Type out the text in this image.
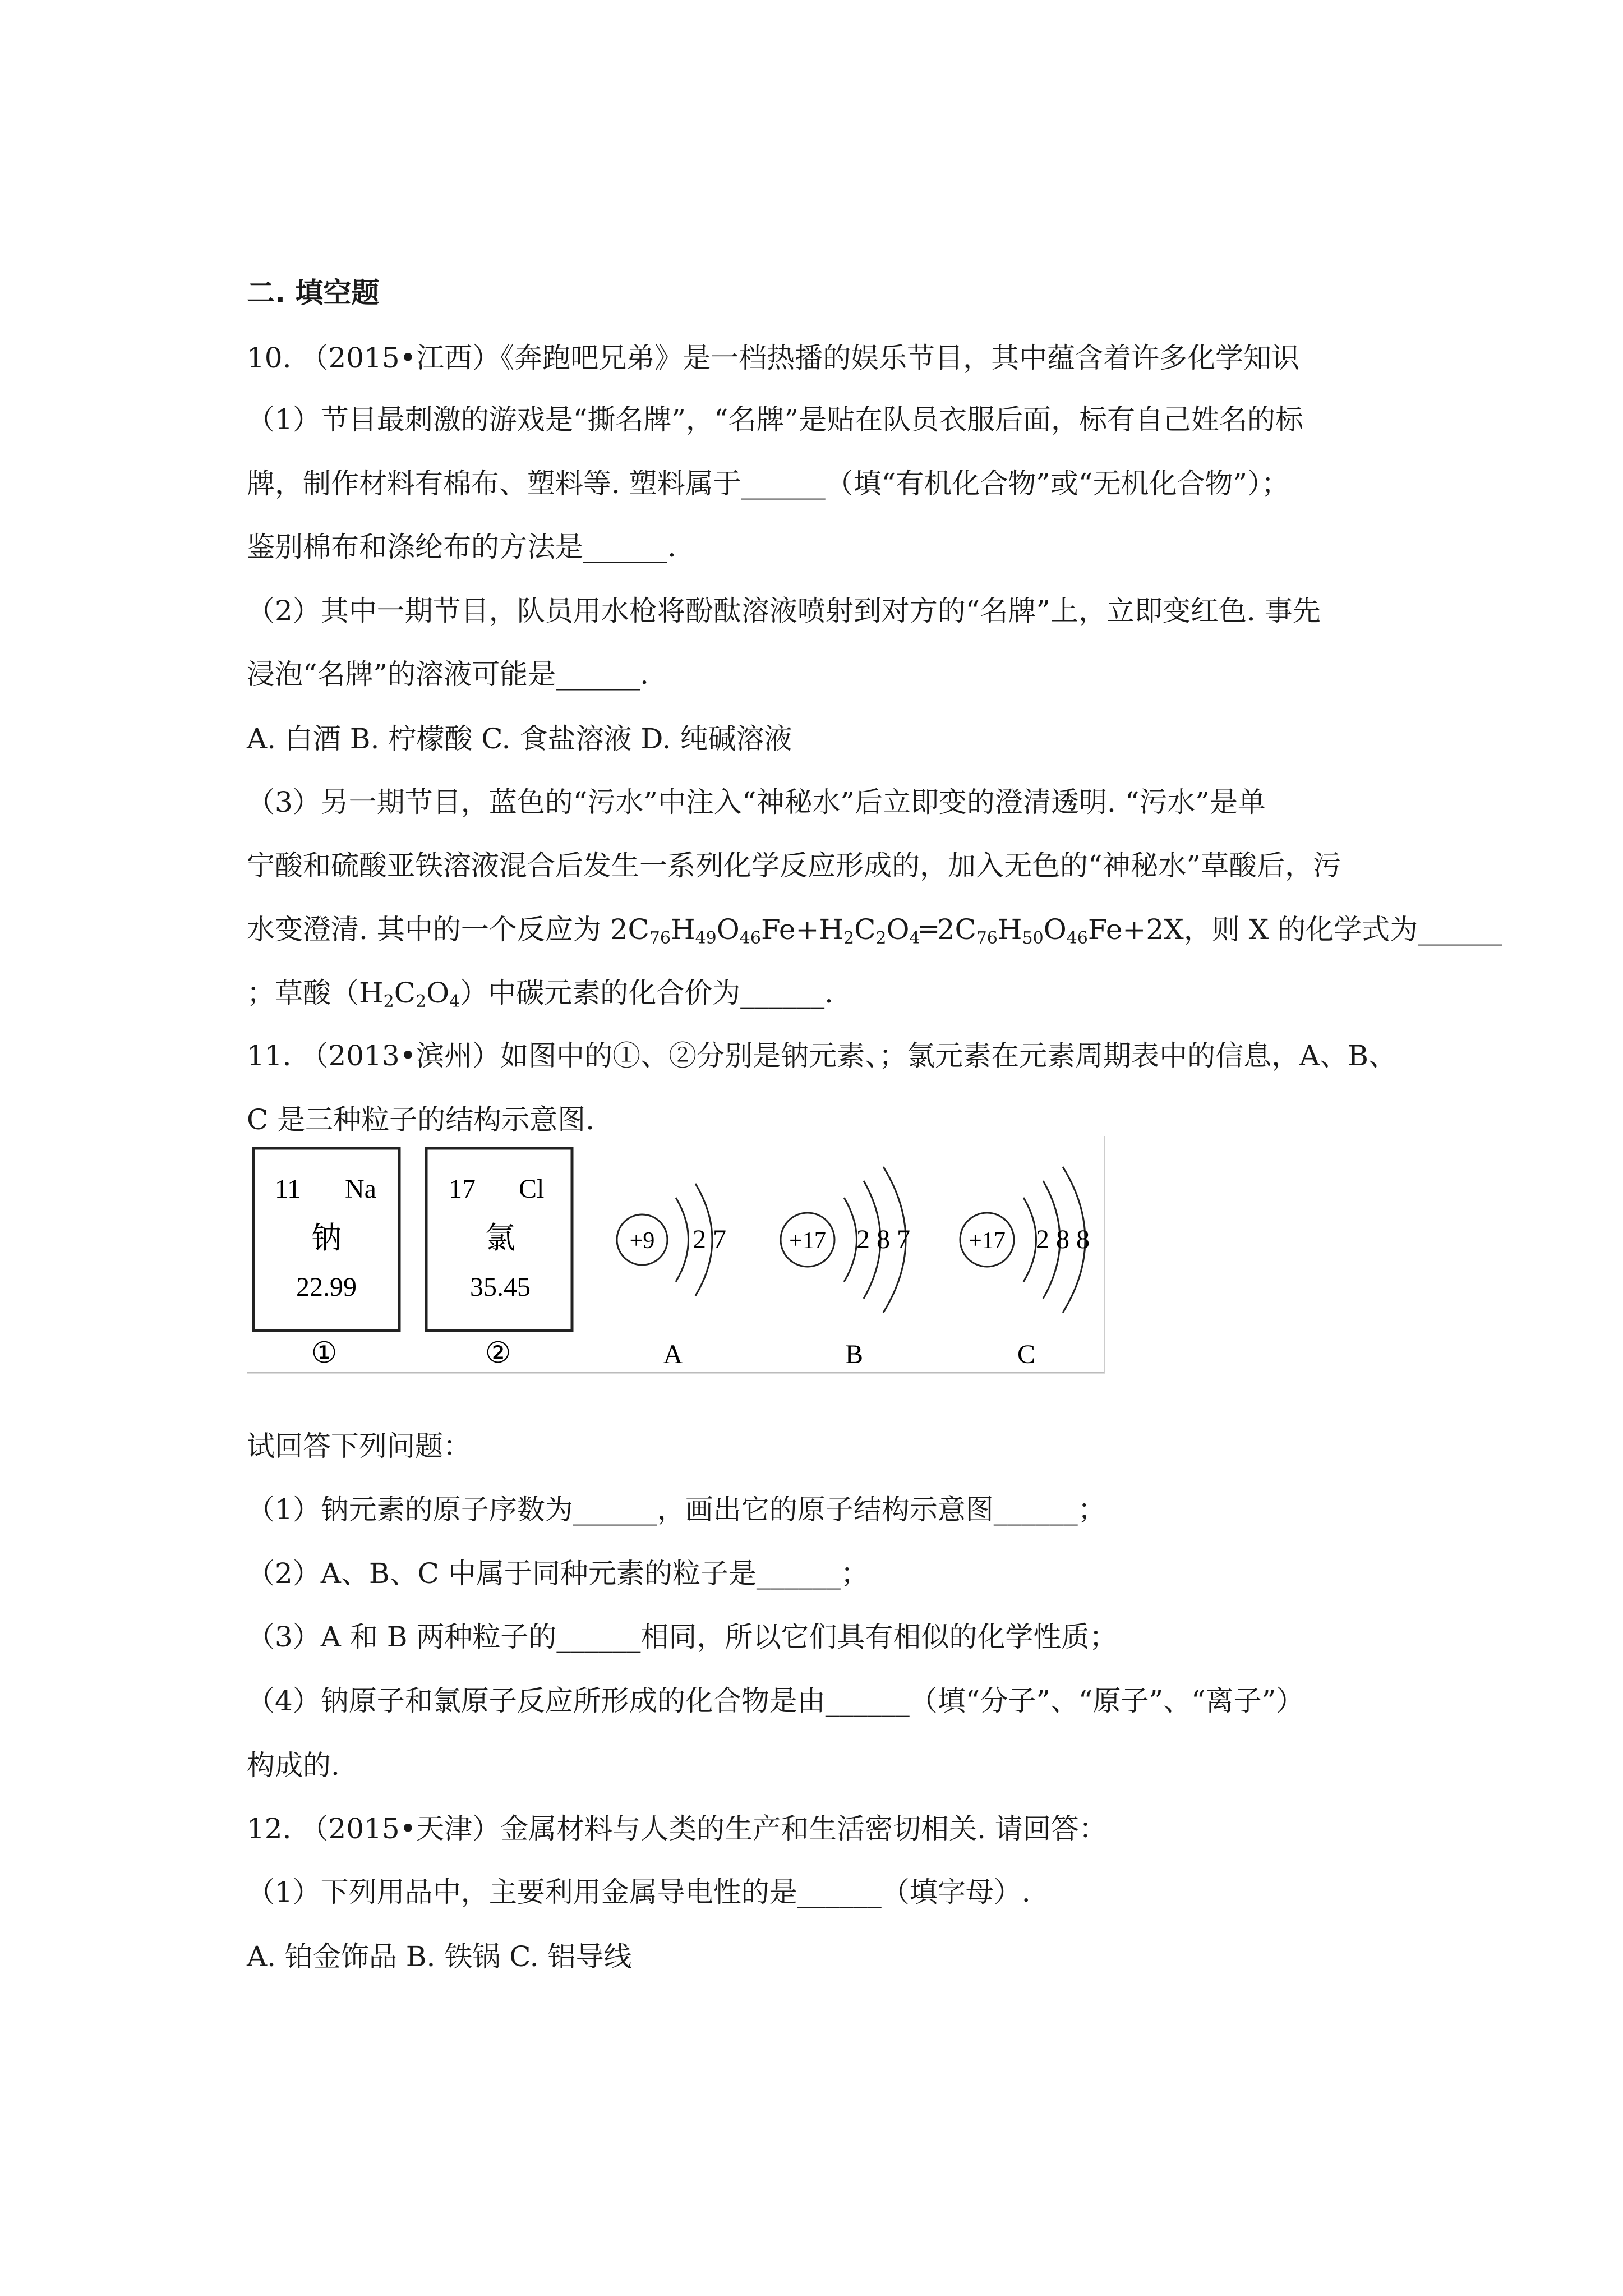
二. 填空题
10. （2015•江西）《奔跑吧兄弟》是一档热播的娱乐节目，其中蕴含着许多化学知识
（1）节目最刺激的游戏是“撕名牌”，“名牌”是贴在队员衣服后面，标有自己姓名的标
牌，制作材料有棉布、塑料等. 塑料属于______（填“有机化合物”或“无机化合物”）；
鉴别棉布和涤纶布的方法是______.
（2）其中一期节目，队员用水枪将酚酞溶液喷射到对方的“名牌”上，立即变红色. 事先
浸泡“名牌”的溶液可能是______.
A. 白酒 B. 柠檬酸 C. 食盐溶液 D. 纯碱溶液
（3）另一期节目，蓝色的“污水”中注入“神秘水”后立即变的澄清透明. “污水”是单
宁酸和硫酸亚铁溶液混合后发生一系列化学反应形成的，加入无色的“神秘水”草酸后，污
水变澄清. 其中的一个反应为 $2C_{76}H_{49}O_{46}Fe+H_2C_2O_4═2C_{76}H_{50}O_{46}Fe+2X$，则 X 的化学式为______
；草酸$(H_2C_2O_4)$中碳元素的化合价为______.
11. （2013•滨州）如图中的①、②分别是钠元素、；氯元素在元素周期表中的信息，A、B、
C 是三种粒子的结构示意图.
11 Na
钠
22.99
①
17 Cl
氯
35.45
②
+9 2 7
A
+17 2 8 7
B
+17 2 8 8
C
试回答下列问题：
（1）钠元素的原子序数为______，画出它的原子结构示意图______；
（2）A、B、C 中属于同种元素的粒子是______；
（3）A 和 B 两种粒子的______相同，所以它们具有相似的化学性质；
（4）钠原子和氯原子反应所形成的化合物是由______（填“分子”、“原子”、“离子”）
构成的.
12. （2015•天津）金属材料与人类的生产和生活密切相关. 请回答：
（1）下列用品中，主要利用金属导电性的是______（填字母）.
A. 铂金饰品 B. 铁锅 C. 铝导线
